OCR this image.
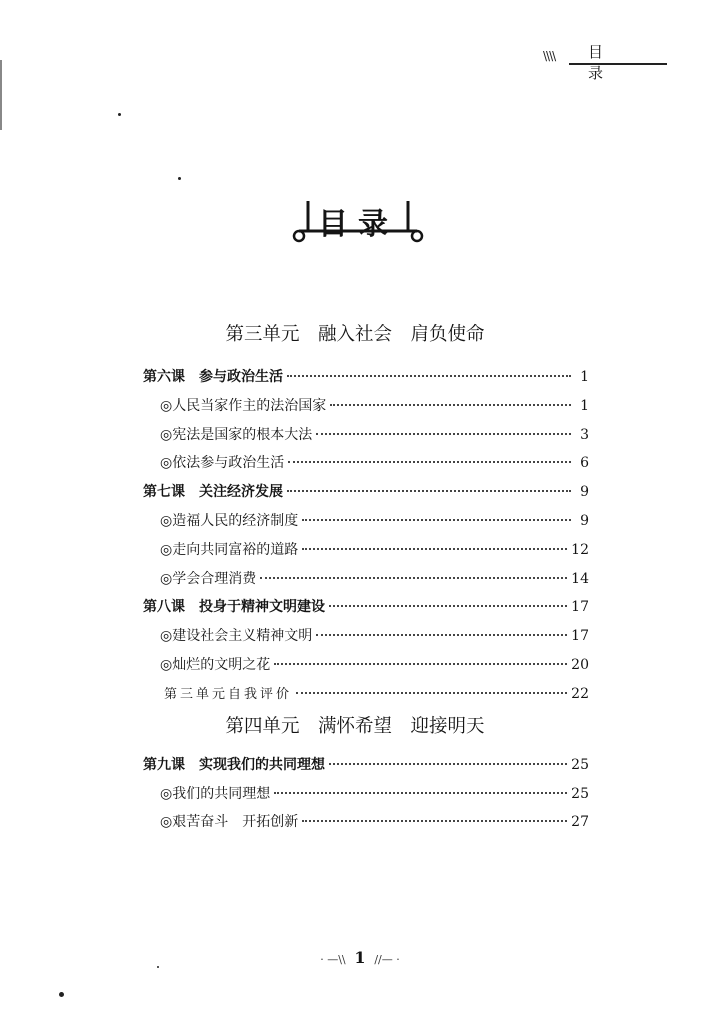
\\\\ 目录
目录
第三单元　融入社会　肩负使命
第六课 参与政治生活	1
◎人民当家作主的法治国家	1
◎宪法是国家的根本大法	3
◎依法参与政治生活	6
第七课 关注经济发展	9
◎造福人民的经济制度	9
◎走向共同富裕的道路	12
◎学会合理消费	14
第八课 投身于精神文明建设	17
◎建设社会主义精神文明	17
◎灿烂的文明之花	20
第三单元自我评价	22
第四单元　满怀希望　迎接明天
第九课 实现我们的共同理想	25
◎我们的共同理想	25
◎艰苦奋斗　开拓创新	27
· —\\ 1 //— ·
